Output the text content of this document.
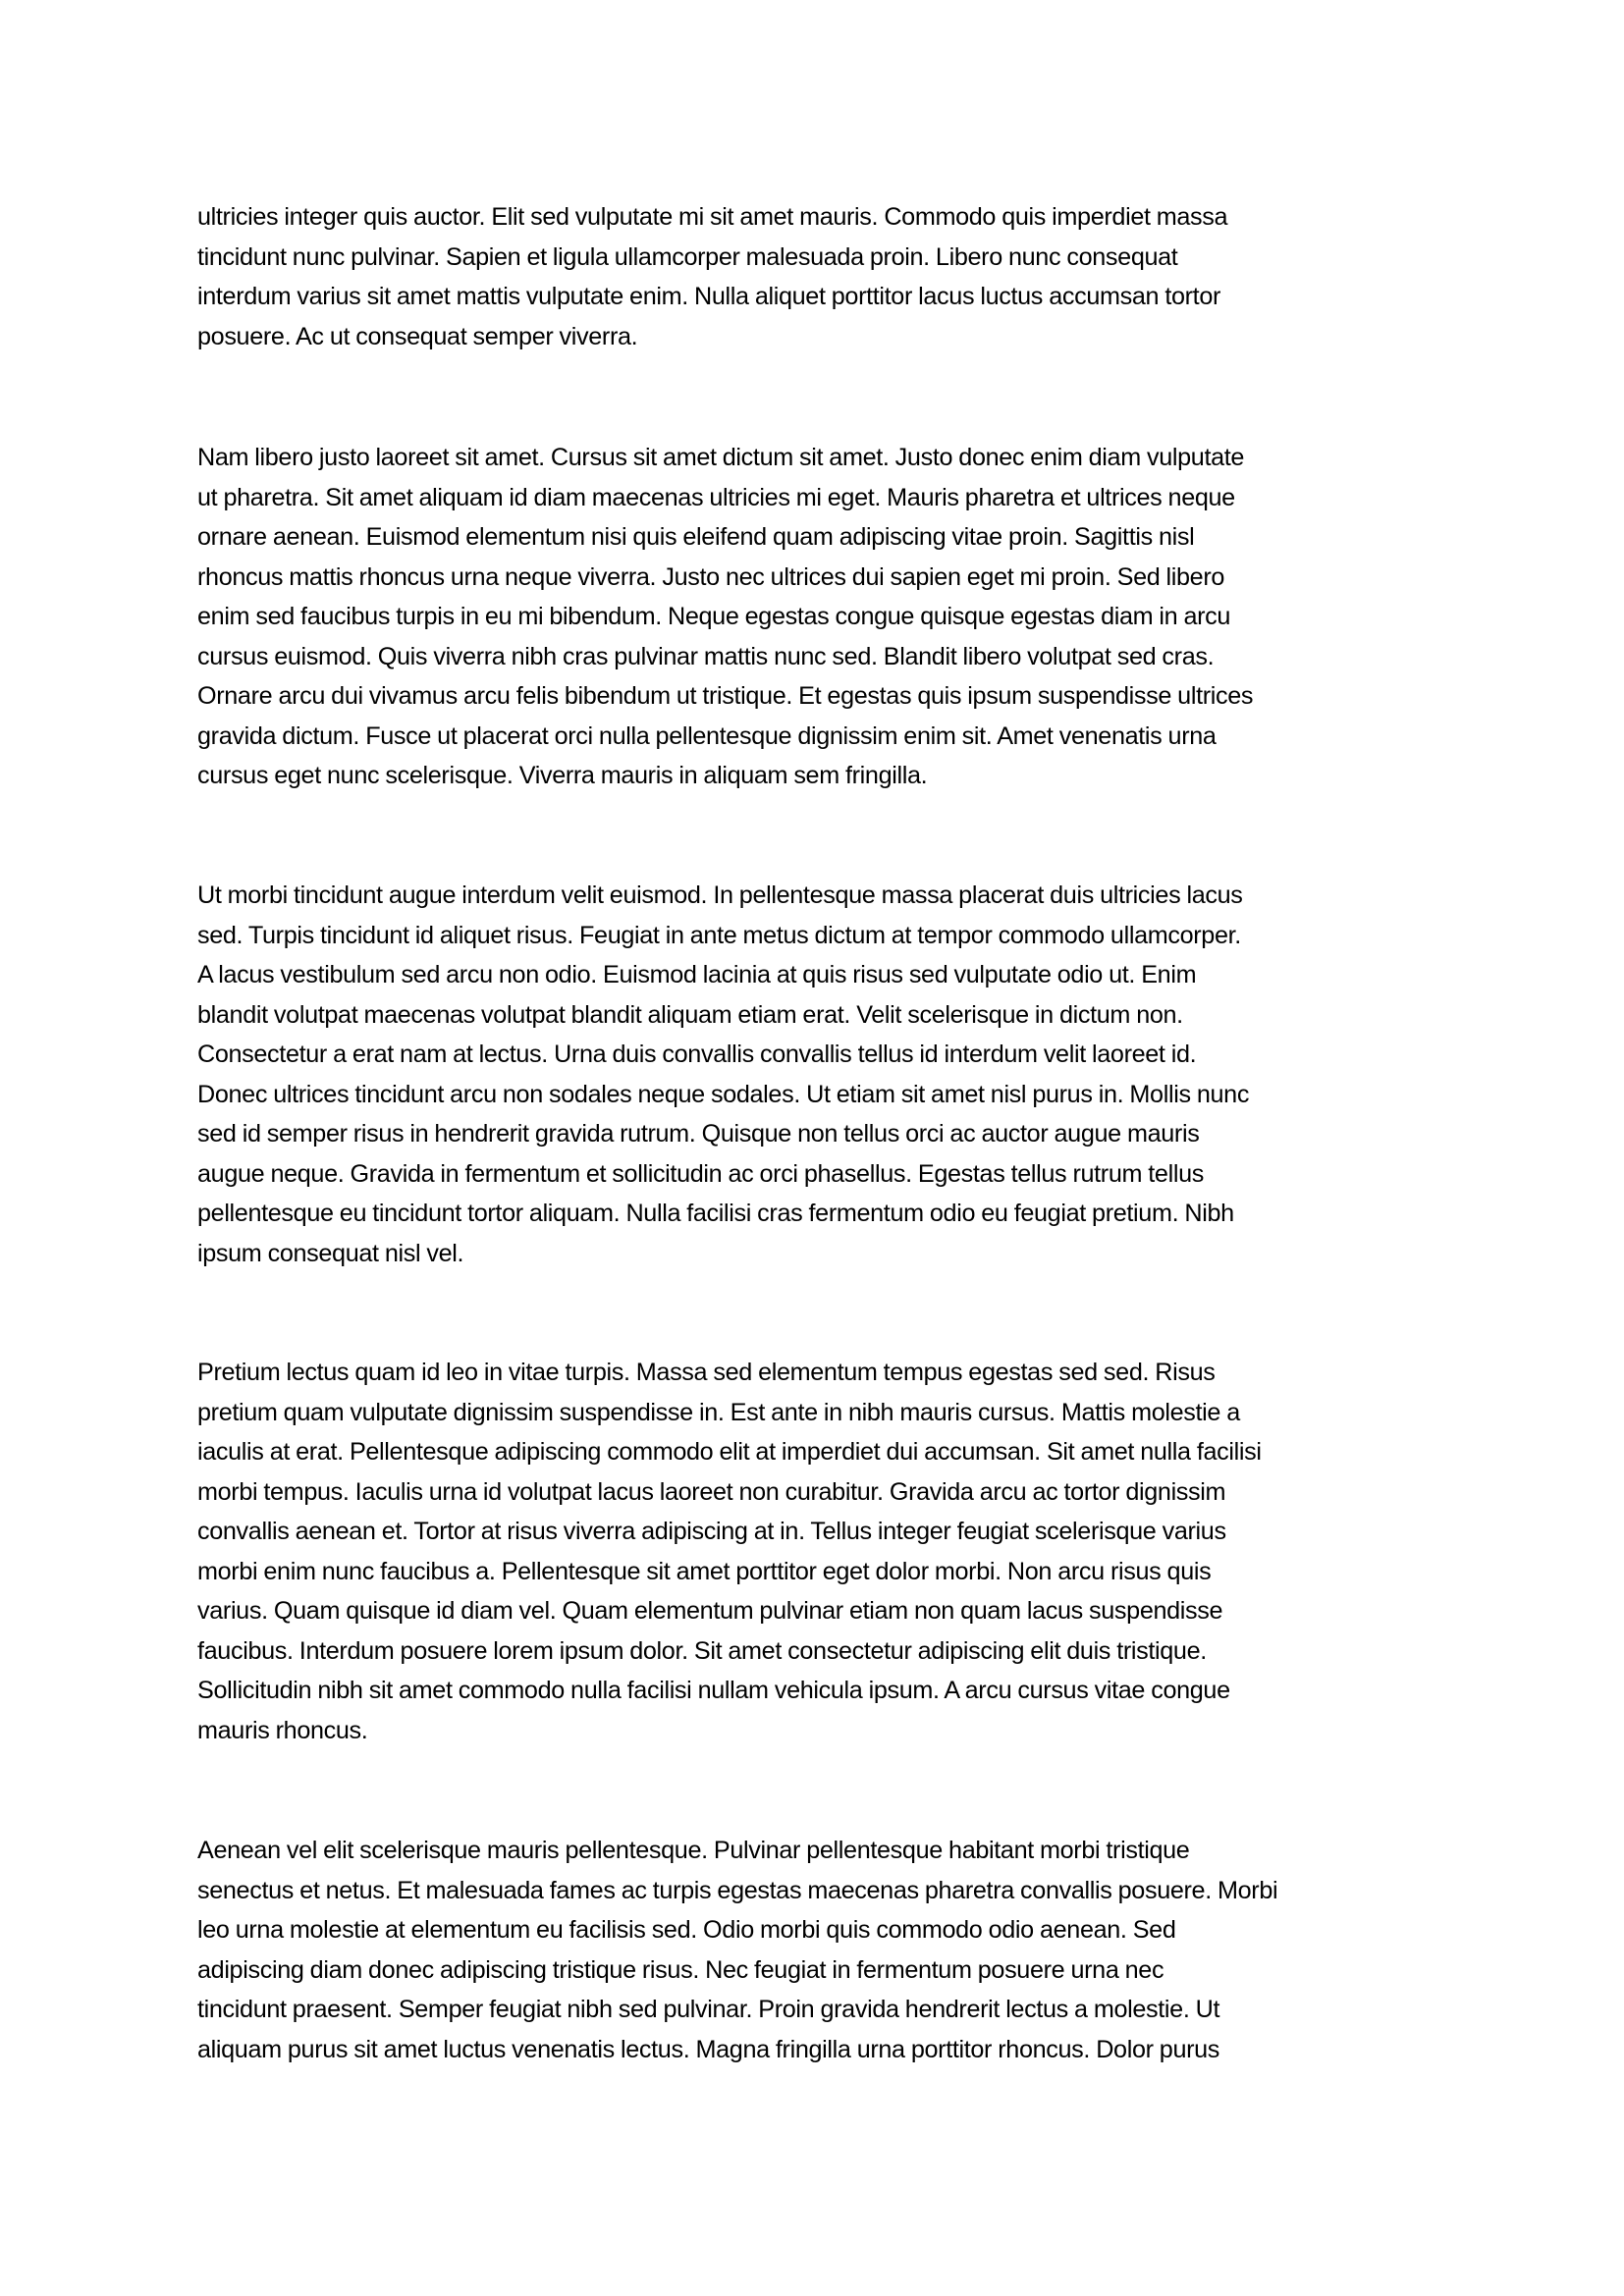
ultricies integer quis auctor. Elit sed vulputate mi sit amet mauris. Commodo quis imperdiet massa
tincidunt nunc pulvinar. Sapien et ligula ullamcorper malesuada proin. Libero nunc consequat
interdum varius sit amet mattis vulputate enim. Nulla aliquet porttitor lacus luctus accumsan tortor
posuere. Ac ut consequat semper viverra.

Nam libero justo laoreet sit amet. Cursus sit amet dictum sit amet. Justo donec enim diam vulputate
ut pharetra. Sit amet aliquam id diam maecenas ultricies mi eget. Mauris pharetra et ultrices neque
ornare aenean. Euismod elementum nisi quis eleifend quam adipiscing vitae proin. Sagittis nisl
rhoncus mattis rhoncus urna neque viverra. Justo nec ultrices dui sapien eget mi proin. Sed libero
enim sed faucibus turpis in eu mi bibendum. Neque egestas congue quisque egestas diam in arcu
cursus euismod. Quis viverra nibh cras pulvinar mattis nunc sed. Blandit libero volutpat sed cras.
Ornare arcu dui vivamus arcu felis bibendum ut tristique. Et egestas quis ipsum suspendisse ultrices
gravida dictum. Fusce ut placerat orci nulla pellentesque dignissim enim sit. Amet venenatis urna
cursus eget nunc scelerisque. Viverra mauris in aliquam sem fringilla.

Ut morbi tincidunt augue interdum velit euismod. In pellentesque massa placerat duis ultricies lacus
sed. Turpis tincidunt id aliquet risus. Feugiat in ante metus dictum at tempor commodo ullamcorper.
A lacus vestibulum sed arcu non odio. Euismod lacinia at quis risus sed vulputate odio ut. Enim
blandit volutpat maecenas volutpat blandit aliquam etiam erat. Velit scelerisque in dictum non.
Consectetur a erat nam at lectus. Urna duis convallis convallis tellus id interdum velit laoreet id.
Donec ultrices tincidunt arcu non sodales neque sodales. Ut etiam sit amet nisl purus in. Mollis nunc
sed id semper risus in hendrerit gravida rutrum. Quisque non tellus orci ac auctor augue mauris
augue neque. Gravida in fermentum et sollicitudin ac orci phasellus. Egestas tellus rutrum tellus
pellentesque eu tincidunt tortor aliquam. Nulla facilisi cras fermentum odio eu feugiat pretium. Nibh
ipsum consequat nisl vel.

Pretium lectus quam id leo in vitae turpis. Massa sed elementum tempus egestas sed sed. Risus
pretium quam vulputate dignissim suspendisse in. Est ante in nibh mauris cursus. Mattis molestie a
iaculis at erat. Pellentesque adipiscing commodo elit at imperdiet dui accumsan. Sit amet nulla facilisi
morbi tempus. Iaculis urna id volutpat lacus laoreet non curabitur. Gravida arcu ac tortor dignissim
convallis aenean et. Tortor at risus viverra adipiscing at in. Tellus integer feugiat scelerisque varius
morbi enim nunc faucibus a. Pellentesque sit amet porttitor eget dolor morbi. Non arcu risus quis
varius. Quam quisque id diam vel. Quam elementum pulvinar etiam non quam lacus suspendisse
faucibus. Interdum posuere lorem ipsum dolor. Sit amet consectetur adipiscing elit duis tristique.
Sollicitudin nibh sit amet commodo nulla facilisi nullam vehicula ipsum. A arcu cursus vitae congue
mauris rhoncus.

Aenean vel elit scelerisque mauris pellentesque. Pulvinar pellentesque habitant morbi tristique
senectus et netus. Et malesuada fames ac turpis egestas maecenas pharetra convallis posuere. Morbi
leo urna molestie at elementum eu facilisis sed. Odio morbi quis commodo odio aenean. Sed
adipiscing diam donec adipiscing tristique risus. Nec feugiat in fermentum posuere urna nec
tincidunt praesent. Semper feugiat nibh sed pulvinar. Proin gravida hendrerit lectus a molestie. Ut
aliquam purus sit amet luctus venenatis lectus. Magna fringilla urna porttitor rhoncus. Dolor purus
